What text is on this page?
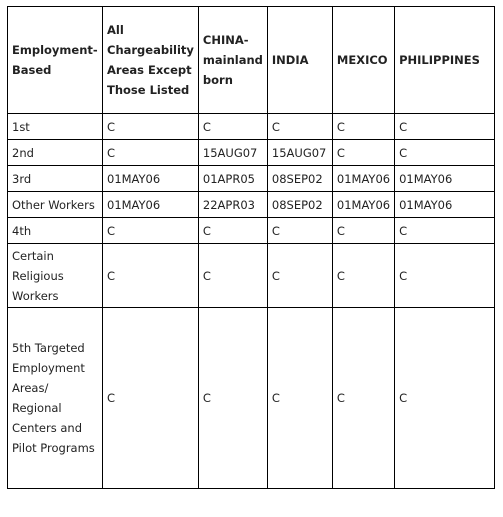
Employment-Based	All Chargeability Areas Except Those Listed	CHINA-mainland born	INDIA	MEXICO	PHILIPPINES
1st	C	C	C	C	C
2nd	C	15AUG07	15AUG07	C	C
3rd	01MAY06	01APR05	08SEP02	01MAY06	01MAY06
Other Workers	01MAY06	22APR03	08SEP02	01MAY06	01MAY06
4th	C	C	C	C	C
Certain Religious Workers	C	C	C	C	C
5th Targeted Employment Areas/ Regional Centers and Pilot Programs	C	C	C	C	C
